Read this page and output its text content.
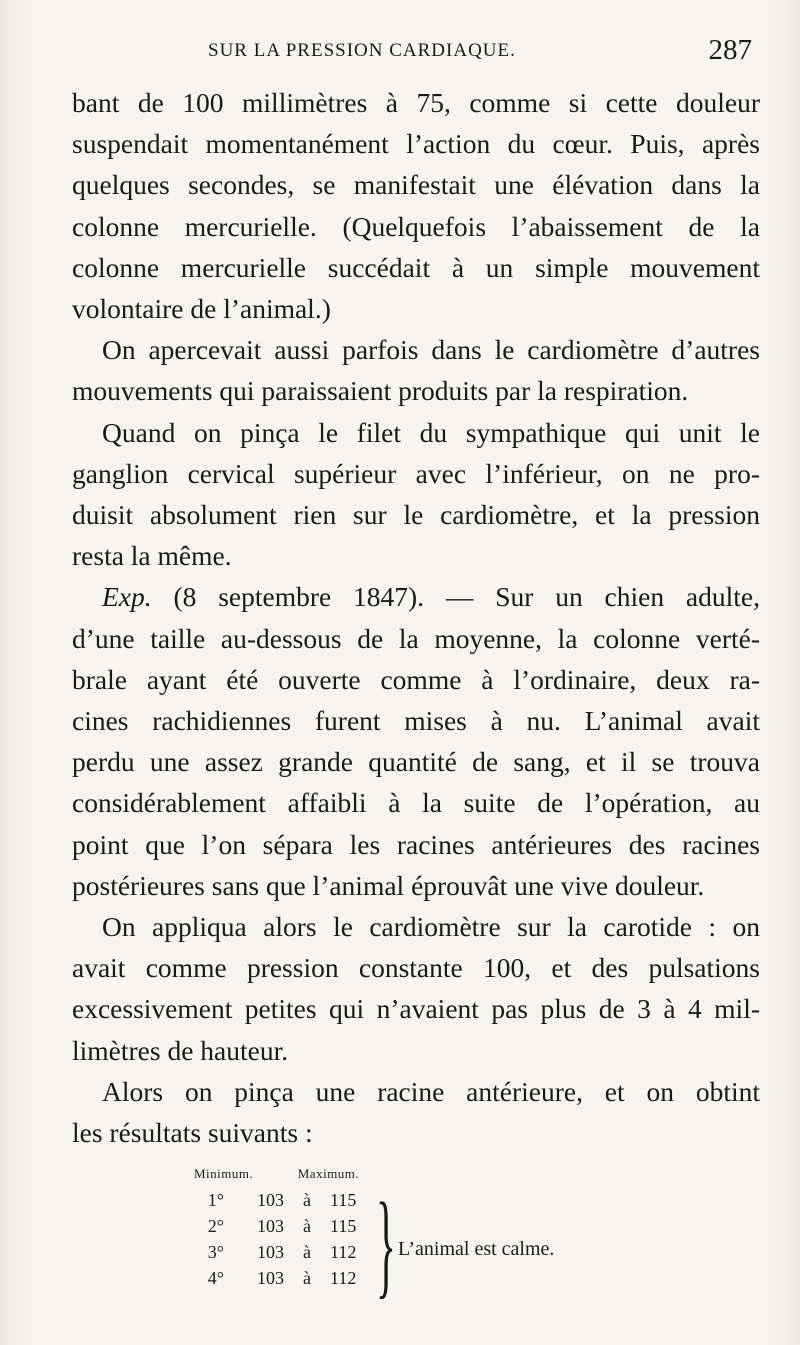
SUR LA PRESSION CARDIAQUE.	287
bant de 100 millimètres à 75, comme si cette douleur
suspendait momentanément l’action du cœur. Puis, après
quelques secondes, se manifestait une élévation dans la
colonne mercurielle. (Quelquefois l’abaissement de la
colonne mercurielle succédait à un simple mouvement
volontaire de l’animal.)
On apercevait aussi parfois dans le cardiomètre d’autres
mouvements qui paraissaient produits par la respiration.
Quand on pinça le filet du sympathique qui unit le
ganglion cervical supérieur avec l’inférieur, on ne pro-
duisit absolument rien sur le cardiomètre, et la pression
resta la même.
Exp. (8 septembre 1847). — Sur un chien adulte,
d’une taille au-dessous de la moyenne, la colonne verté-
brale ayant été ouverte comme à l’ordinaire, deux ra-
cines rachidiennes furent mises à nu. L’animal avait
perdu une assez grande quantité de sang, et il se trouva
considérablement affaibli à la suite de l’opération, au
point que l’on sépara les racines antérieures des racines
postérieures sans que l’animal éprouvât une vive douleur.
On appliqua alors le cardiomètre sur la carotide : on
avait comme pression constante 100, et des pulsations
excessivement petites qui n’avaient pas plus de 3 à 4 mil-
limètres de hauteur.
Alors on pinça une racine antérieure, et on obtint
les résultats suivants :
Minimum.	Maximum.
1° 103 à 115
2° 103 à 115
3° 103 à 112
4° 103 à 112 } L’animal est calme.
